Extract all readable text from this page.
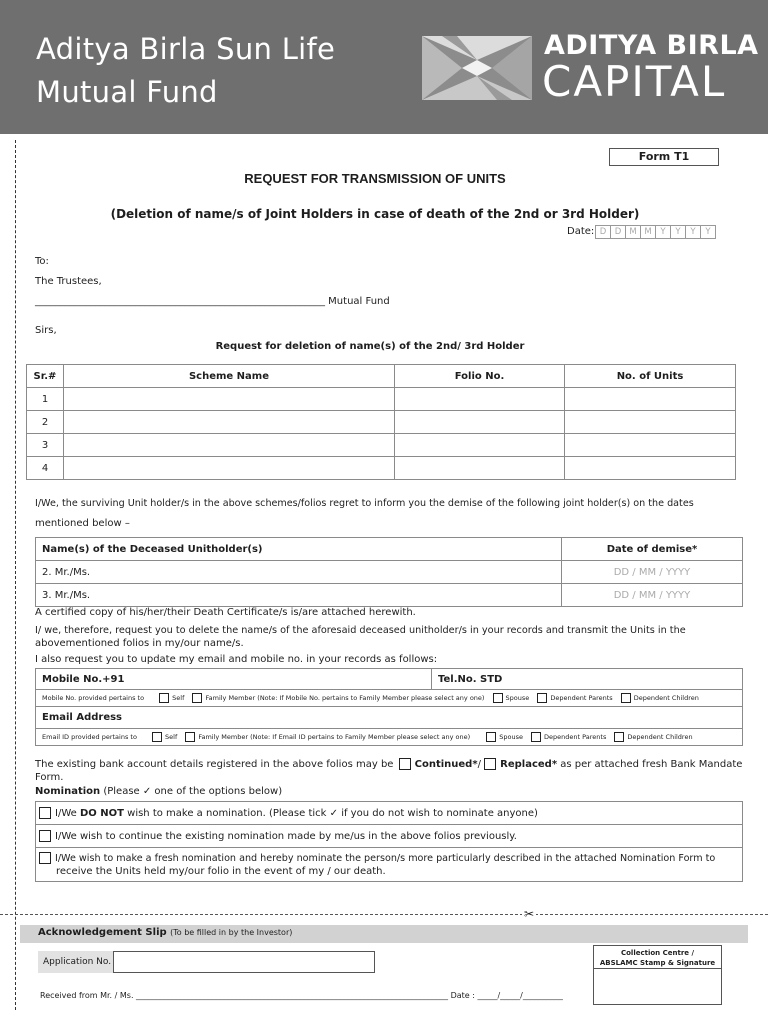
Aditya Birla Sun Life
Mutual Fund
ADITYA BIRLA
CAPITAL
Form T1
REQUEST FOR TRANSMISSION OF UNITS
(Deletion of name/s of Joint Holders in case of death of the 2nd or 3rd Holder)
Date: D D M M	Y	Y	Y	Y
To:
The Trustees,
__________________________________________________________ Mutual Fund
Sirs,
Request for deletion of name(s) of the 2nd/ 3rd Holder
Sr.#	Scheme Name	Folio No.	No. of Units
1			
2			
3			
4			
I/We, the surviving Unit holder/s in the above schemes/folios regret to inform you the demise of the following joint holder(s) on the dates
mentioned below –
Name(s) of the Deceased Unitholder(s)	Date of demise*
2. Mr./Ms.	DD / MM / YYYY
3. Mr./Ms.	DD / MM / YYYY
A certified copy of his/her/their Death Certificate/s is/are attached herewith.
I/ we, therefore, request you to delete the name/s of the aforesaid deceased unitholder/s in your records and transmit the Units in the
abovementioned folios in my/our name/s.
I also request you to update my email and mobile no. in your records as follows:
Mobile No.+91	Tel.No. STD
Mobile No. provided pertains to	Self	Family Member (Note: If Mobile No. pertains to Family Member please select any one)	Spouse	Dependent Parents	Dependent Children
Email Address
Email ID provided pertains to	Self	Family Member (Note: If Email ID pertains to Family Member please select any one)	Spouse	Dependent Parents	Dependent Children
The existing bank account details registered in the above folios may be Continued*/ Replaced* as per attached fresh Bank Mandate
Form.
Nomination (Please ✓ one of the options below)
I/We DO NOT wish to make a nomination. (Please tick ✓ if you do not wish to nominate anyone)
I/We wish to continue the existing nomination made by me/us in the above folios previously.
I/We wish to make a fresh nomination and hereby nominate the person/s more particularly described in the attached Nomination Form to
receive the Units held my/our folio in the event of my / our death.
✂
Acknowledgement Slip (To be filled in by the Investor)
Application No.
Collection Centre /
ABSLAMC Stamp & Signature
Received from Mr. / Ms. ______________________________________________________________________________ Date : _____/_____/__________
